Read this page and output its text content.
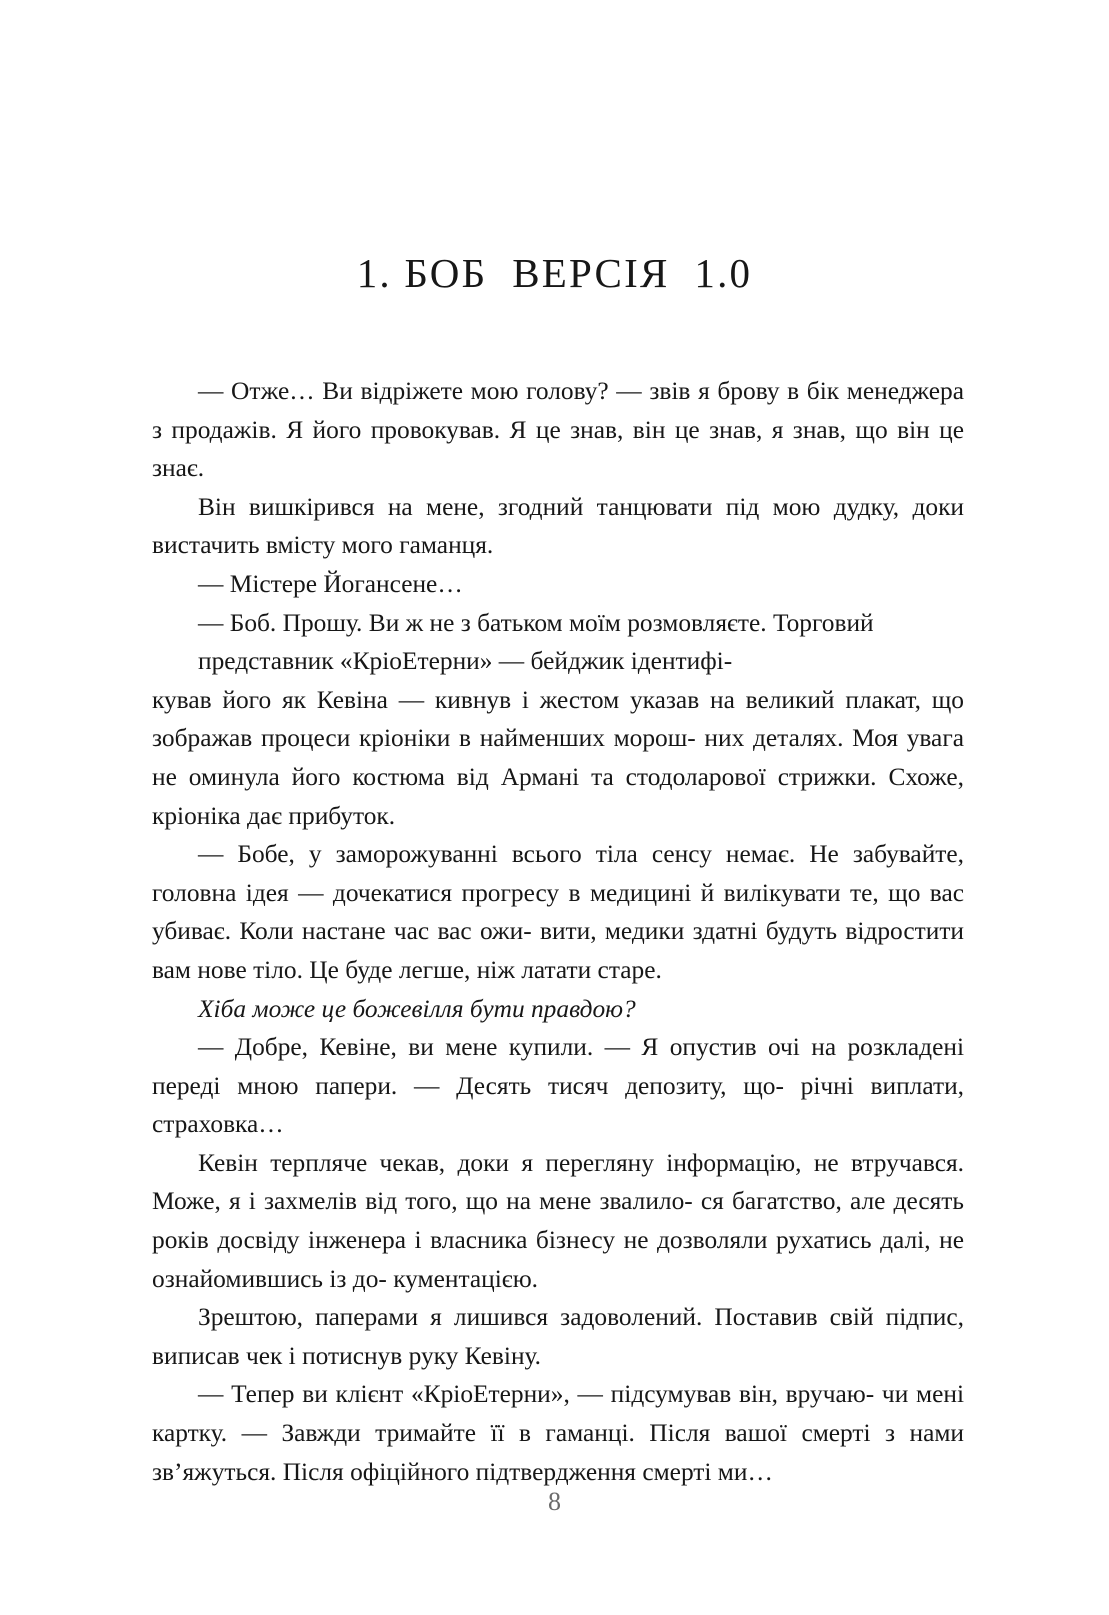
1. БОБ  ВЕРСІЯ  1.0

— Отже… Ви відріжете мою голову? — звів я брову в бік менеджера з продажів. Я його провокував. Я це знав, він це знав, я знав, що він це знає.

Він вишкірився на мене, згодний танцювати під мою дудку, доки вистачить вмісту мого гаманця.

— Містере Йогансене…

— Боб. Прошу. Ви ж не з батьком моїм розмовляєте. Торговий

представник «КріоЕтерни» — бейджик ідентифі-

кував його як Кевіна — кивнув і жестом указав на великий плакат, що зображав процеси кріоніки в найменших морош- них деталях. Моя увага не оминула його костюма від Армані та стодоларової стрижки. Схоже, кріоніка дає прибуток.

— Бобе, у заморожуванні всього тіла сенсу немає. Не забувайте, головна ідея — дочекатися прогресу в медицині й вилікувати те, що вас убиває. Коли настане час вас ожи- вити, медики здатні будуть відростити вам нове тіло. Це буде легше, ніж латати старе.

Хіба може це божевілля бути правдою?

— Добре, Кевіне, ви мене купили. — Я опустив очі на розкладені переді мною папери. — Десять тисяч депозиту, що- річні виплати, страховка…

Кевін терпляче чекав, доки я перегляну інформацію, не втручався. Може, я і захмелів від того, що на мене звалило- ся багатство, але десять років досвіду інженера і власника бізнесу не дозволяли рухатись далі, не ознайомившись із до- кументацією.

Зрештою, паперами я лишився задоволений. Поставив свій підпис, виписав чек і потиснув руку Кевіну.

— Тепер ви клієнт «КріоЕтерни», — підсумував він, вручаю- чи мені картку. — Завжди тримайте її в гаманці. Після вашої смерті з нами зв’яжуться. Після офіційного підтвердження смерті ми…

8
